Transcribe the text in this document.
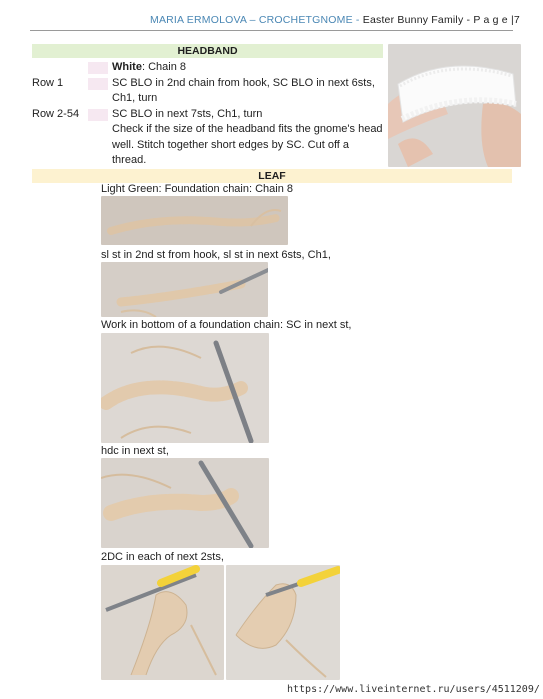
MARIA ERMOLOVA – CROCHETGNOME - Easter Bunny Family - P a g e |7
HEADBAND
White: Chain 8
Row 1	SC BLO in 2nd chain from hook, SC BLO in next 6sts, Ch1, turn
Row 2-54	SC BLO in next 7sts, Ch1, turn
Check if the size of the headband fits the gnome's head well. Stitch together short edges by SC. Cut off a thread.
LEAF
Light Green: Foundation chain: Chain 8
sl st in 2nd st from hook, sl st in next 6sts, Ch1,
Work in bottom of a foundation chain: SC in next st,
hdc in next st,
2DC in each of next 2sts,
https://www.liveinternet.ru/users/4511209/
